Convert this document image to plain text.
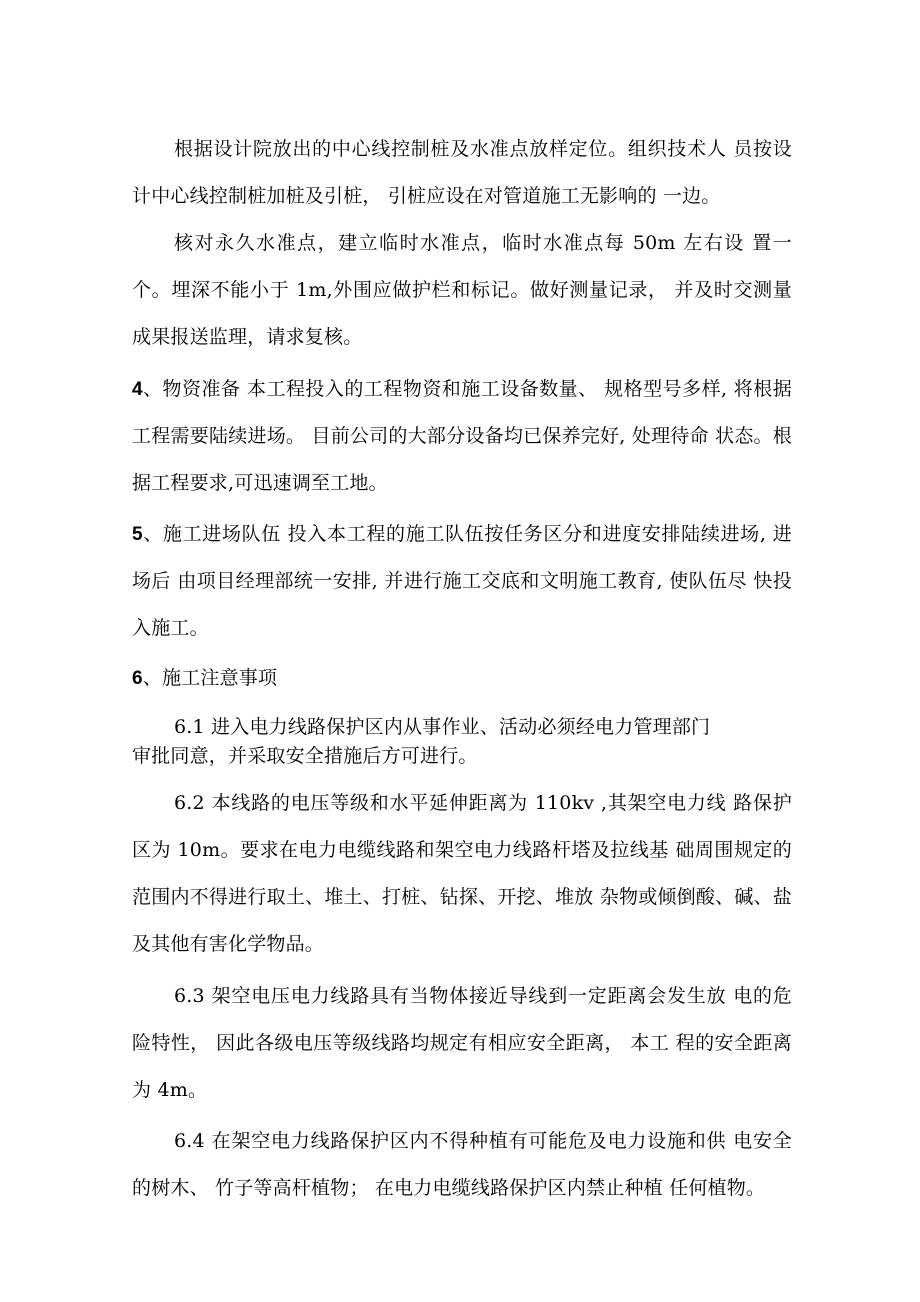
根据设计院放出的中心线控制桩及水准点放样定位。组织技术人 员按设计中心线控制桩加桩及引桩， 引桩应设在对管道施工无影响的 一边。

核对永久水准点，建立临时水准点，临时水准点每 50m 左右设 置一个。埋深不能小于 1m,外围应做护栏和标记。做好测量记录， 并及时交测量成果报送监理，请求复核。

4、物资准备 本工程投入的工程物资和施工设备数量、 规格型号多样, 将根据工程需要陆续进场。 目前公司的大部分设备均已保养完好, 处理待命 状态。根据工程要求,可迅速调至工地。

5、施工进场队伍 投入本工程的施工队伍按任务区分和进度安排陆续进场, 进场后 由项目经理部统一安排, 并进行施工交底和文明施工教育, 使队伍尽 快投入施工。

6、施工注意事项

6.1 进入电力线路保护区内从事作业、活动必须经电力管理部门

审批同意，并采取安全措施后方可进行。

6.2 本线路的电压等级和水平延伸距离为 110kv ,其架空电力线 路保护区为 10m。要求在电力电缆线路和架空电力线路杆塔及拉线基 础周围规定的范围内不得进行取土、堆土、打桩、钻探、开挖、堆放 杂物或倾倒酸、碱、盐及其他有害化学物品。

6.3 架空电压电力线路具有当物体接近导线到一定距离会发生放 电的危险特性， 因此各级电压等级线路均规定有相应安全距离， 本工 程的安全距离为 4m。

6.4 在架空电力线路保护区内不得种植有可能危及电力设施和供 电安全的树木、 竹子等高杆植物； 在电力电缆线路保护区内禁止种植 任何植物。
